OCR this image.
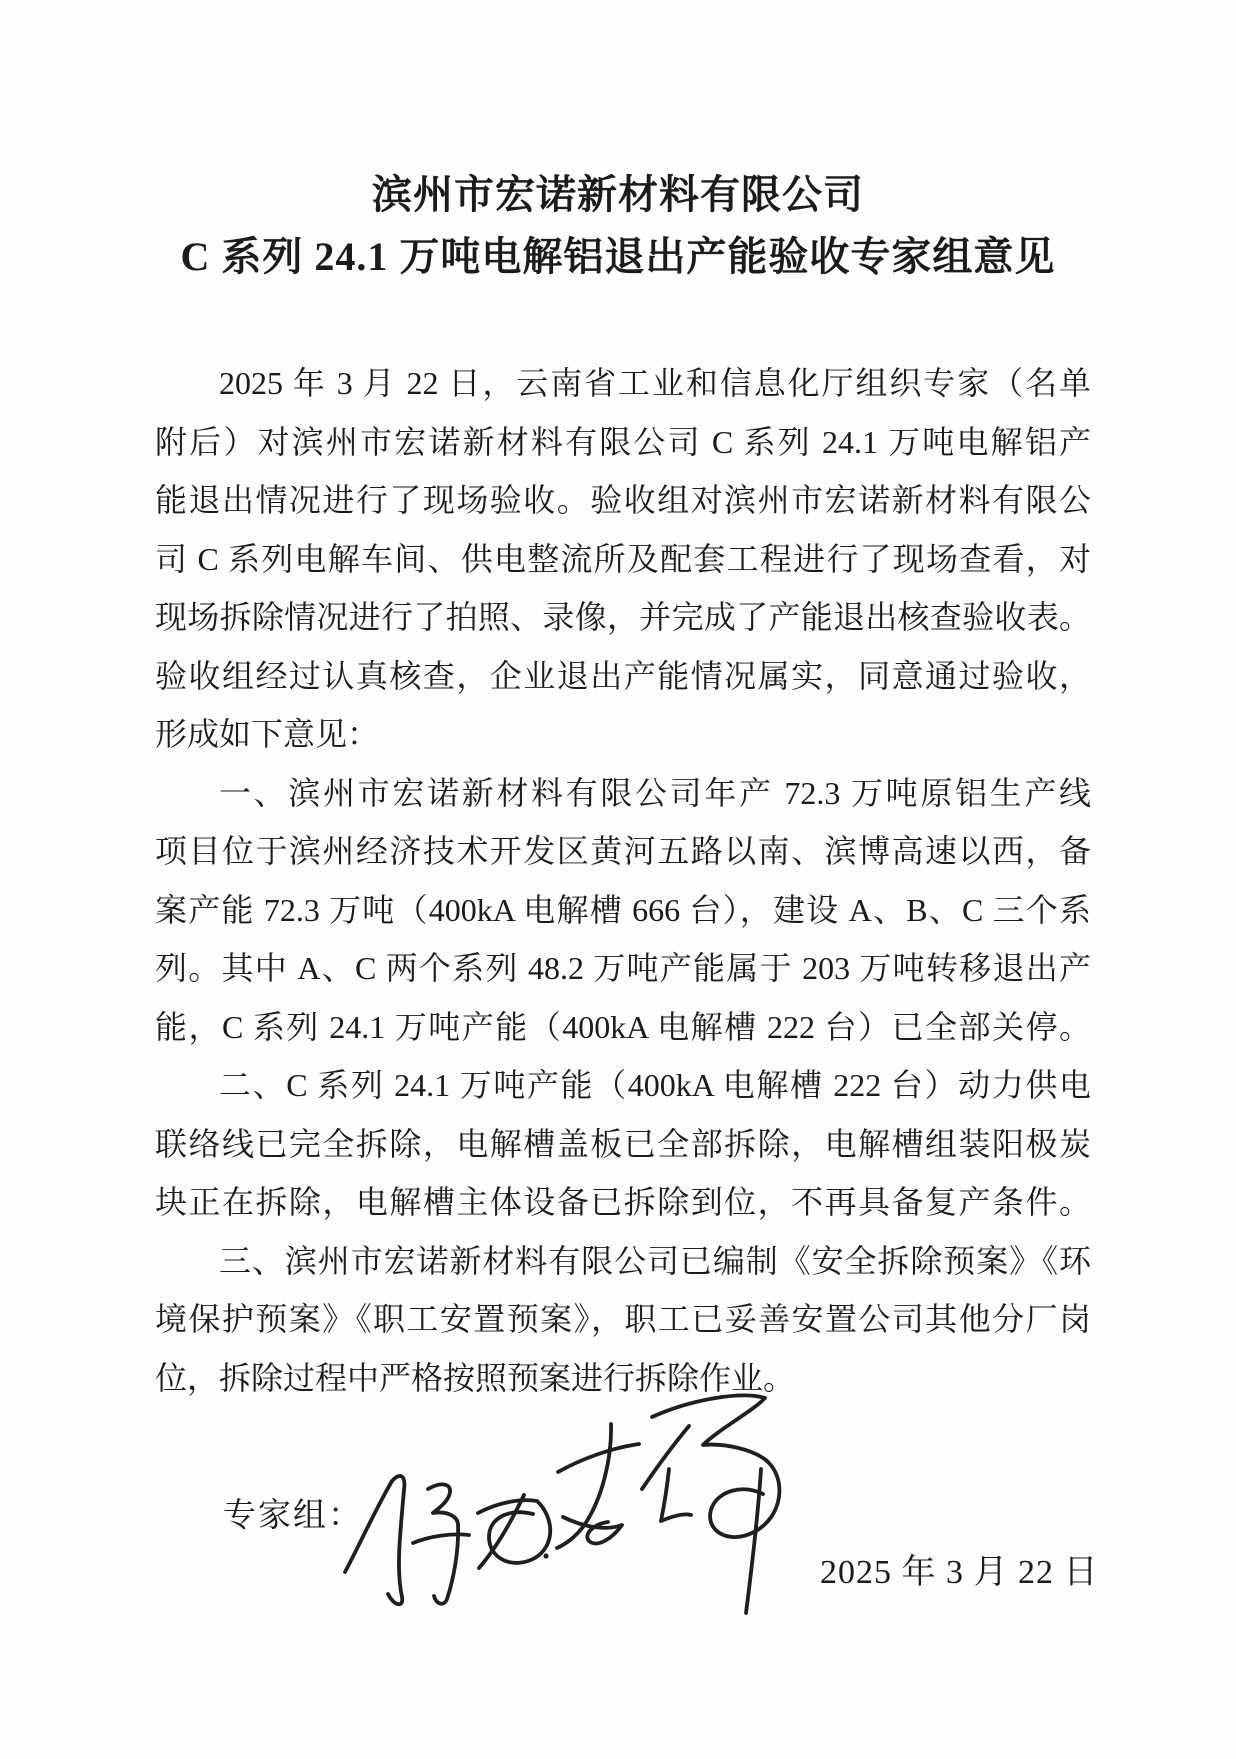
滨州市宏诺新材料有限公司
C 系列 24.1 万吨电解铝退出产能验收专家组意见
2025 年 3 月 22 日，云南省工业和信息化厅组织专家（名单
附后）对滨州市宏诺新材料有限公司 C 系列 24.1 万吨电解铝产
能退出情况进行了现场验收。验收组对滨州市宏诺新材料有限公
司 C 系列电解车间、供电整流所及配套工程进行了现场查看，对
现场拆除情况进行了拍照、录像，并完成了产能退出核查验收表。
验收组经过认真核查，企业退出产能情况属实，同意通过验收，
形成如下意见：
一、滨州市宏诺新材料有限公司年产 72.3 万吨原铝生产线
项目位于滨州经济技术开发区黄河五路以南、滨博高速以西，备
案产能 72.3 万吨（400kA 电解槽 666 台），建设 A、B、C 三个系
列。其中 A、C 两个系列 48.2 万吨产能属于 203 万吨转移退出产
能，C 系列 24.1 万吨产能（400kA 电解槽 222 台）已全部关停。
二、C 系列 24.1 万吨产能（400kA 电解槽 222 台）动力供电
联络线已完全拆除，电解槽盖板已全部拆除，电解槽组装阳极炭
块正在拆除，电解槽主体设备已拆除到位，不再具备复产条件。
三、滨州市宏诺新材料有限公司已编制《安全拆除预案》《环
境保护预案》《职工安置预案》，职工已妥善安置公司其他分厂岗
位，拆除过程中严格按照预案进行拆除作业。
专家组：
2025 年 3 月 22 日
